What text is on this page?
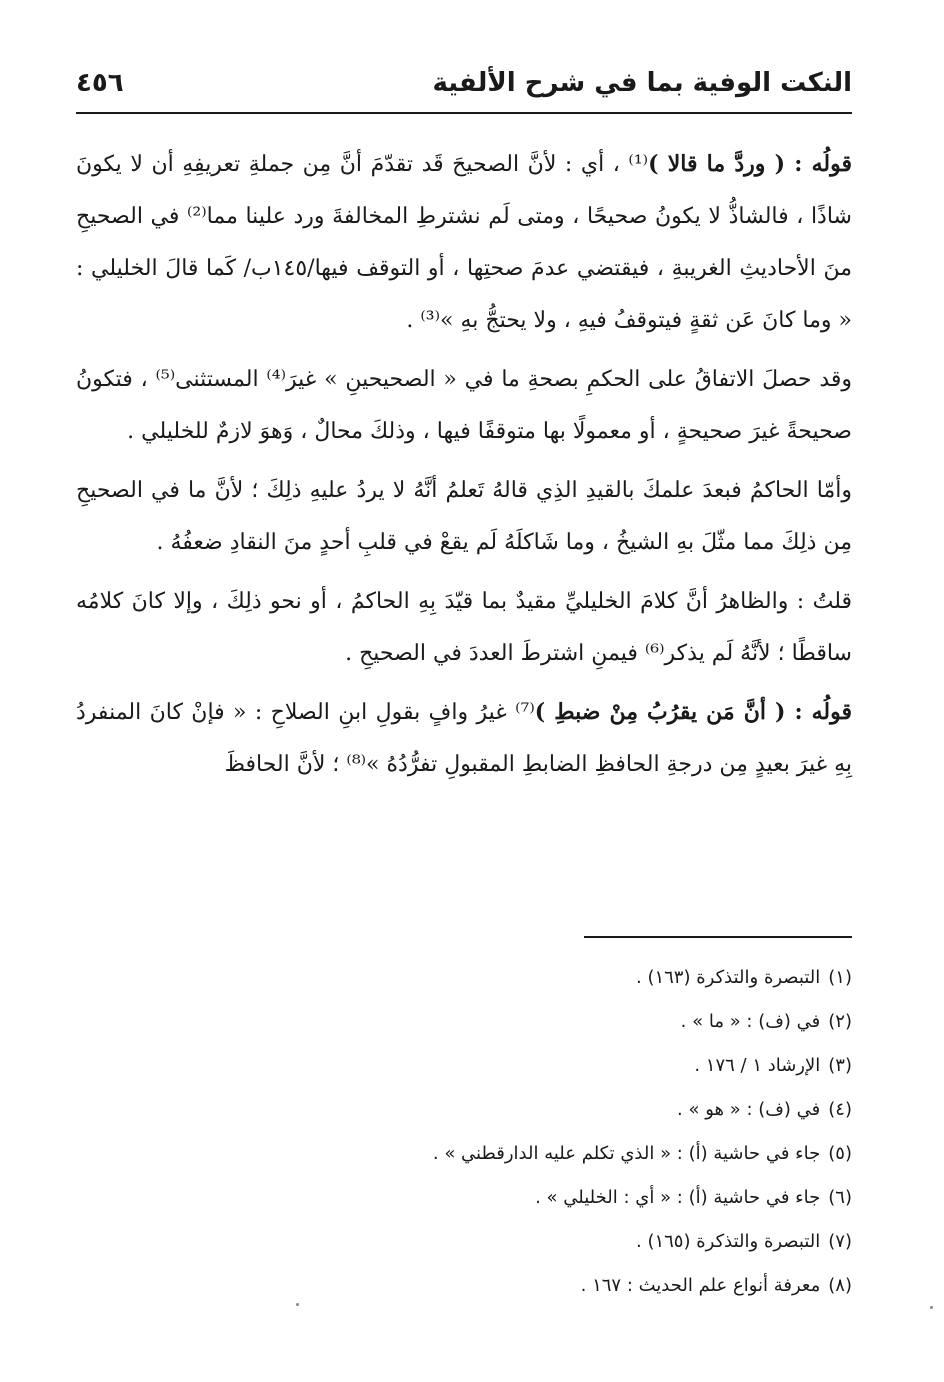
النكت الوفية بما في شرح الألفية
٤٥٦

قولُه : ( وردَّ ما قالا )⁽¹⁾ ، أي : لأنَّ الصحيحَ قَد تقدّمَ أنَّ مِن جملةِ تعريفِهِ أن لا يكونَ شاذًا ، فالشاذُّ لا يكونُ صحيحًا ، ومتى لَم نشترطِ المخالفةَ ورد علينا مما⁽²⁾ في الصحيحِ منَ الأحاديثِ الغريبةِ ، فيقتضي عدمَ صحتِها ، أو التوقف فيها/١٤٥ب/ كَما قالَ الخليلي : « وما كانَ عَن ثقةٍ فيتوقفُ فيهِ ، ولا يحتجُّ بهِ »⁽³⁾ .

وقد حصلَ الاتفاقُ على الحكمِ بصحةِ ما في « الصحيحينِ » غيرَ⁽⁴⁾ المستثنى⁽⁵⁾ ، فتكونُ صحيحةً غيرَ صحيحةٍ ، أو معمولًا بها متوقفًا فيها ، وذلكَ محالٌ ، وَهوَ لازمٌ للخليلي .

وأمّا الحاكمُ فبعدَ علمكَ بالقيدِ الذِي قالهُ تَعلمُ أنَّهُ لا يردُ عليهِ ذلِكَ ؛ لأنَّ ما في الصحيحِ مِن ذلِكَ مما مثّلَ بهِ الشيخُ ، وما شَاكلَهُ لَم يقعْ في قلبِ أحدٍ منَ النقادِ ضعفُهُ .

قلتُ : والظاهرُ أنَّ كلامَ الخليليِّ مقيدٌ بما قيّدَ بِهِ الحاكمُ ، أو نحو ذلِكَ ، وإلا كانَ كلامُه ساقطًا ؛ لأنَّهُ لَم يذكر⁽⁶⁾ فيمنِ اشترطَ العددَ في الصحيحِ .

قولُه : ( أنَّ مَن يقرُبُ مِنْ ضبطِ )⁽⁷⁾ غيرُ وافٍ بقولِ ابنِ الصلاحِ : « فإنْ كانَ المنفردُ بِهِ غيرَ بعيدٍ مِن درجةِ الحافظِ الضابطِ المقبولِ تفرُّدُهُ »⁽⁸⁾ ؛ لأنَّ الحافظَ

(١)التبصرة والتذكرة (١٦٣) .
(٢)في (ف) : « ما » .
(٣)الإرشاد ١ / ١٧٦ .
(٤)في (ف) : « هو » .
(٥)جاء في حاشية (أ) : « الذي تكلم عليه الدارقطني » .
(٦)جاء في حاشية (أ) : « أي : الخليلي » .
(٧)التبصرة والتذكرة (١٦٥) .
(٨)معرفة أنواع علم الحديث : ١٦٧ .
